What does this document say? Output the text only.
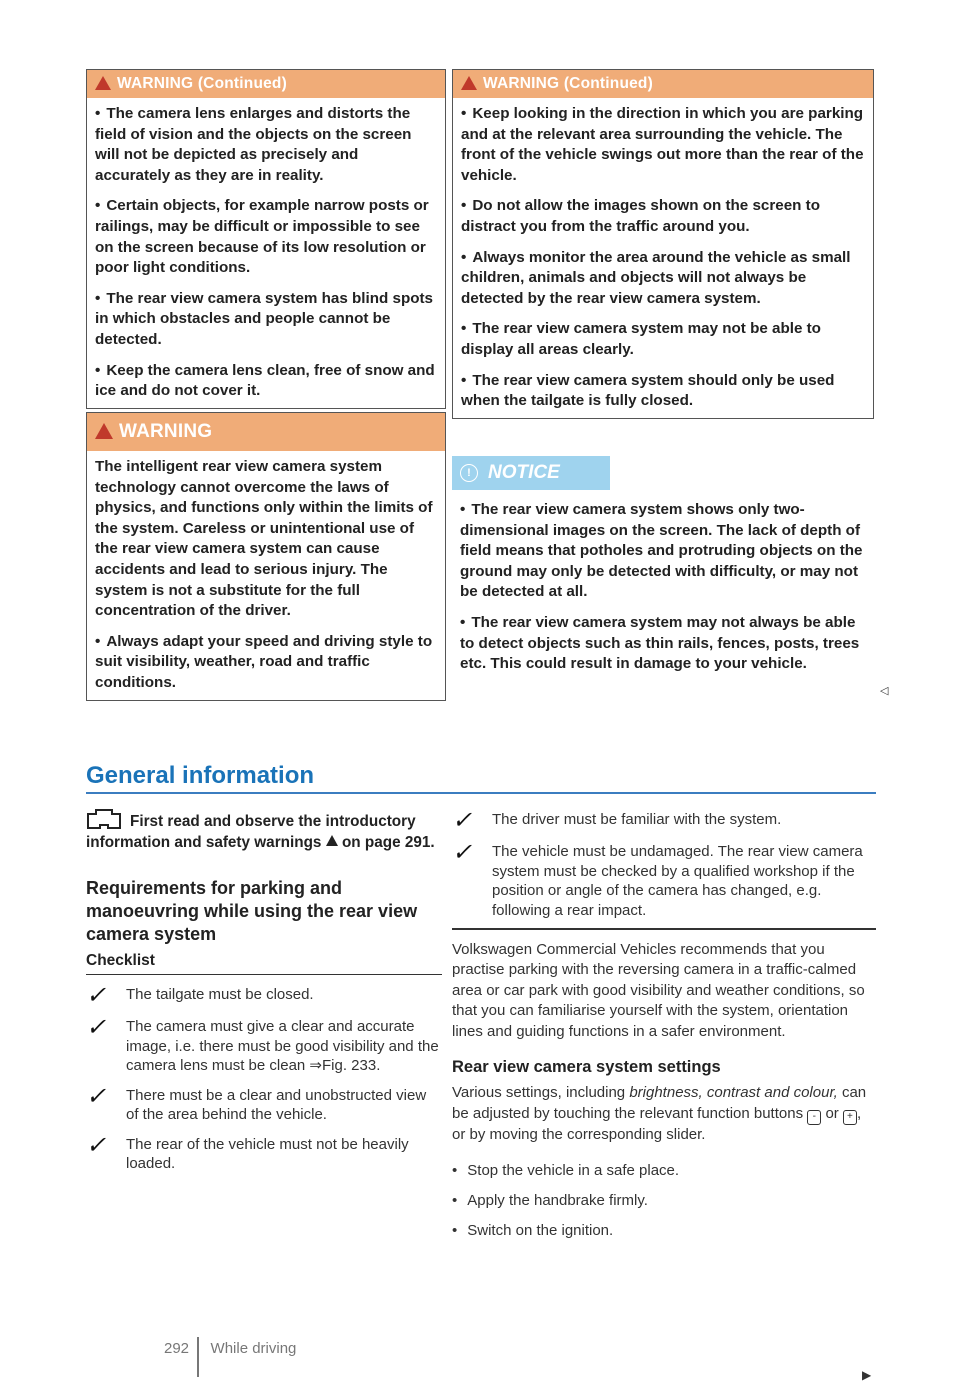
WARNING (Continued)

• The camera lens enlarges and distorts the field of vision and the objects on the screen will not be depicted as precisely and accurately as they are in reality.

• Certain objects, for example narrow posts or railings, may be difficult or impossible to see on the screen because of its low resolution or poor light conditions.

• The rear view camera system has blind spots in which obstacles and people cannot be detected.

• Keep the camera lens clean, free of snow and ice and do not cover it.

WARNING

The intelligent rear view camera system technology cannot overcome the laws of physics, and functions only within the limits of the system. Careless or unintentional use of the rear view camera system can cause accidents and lead to serious injury. The system is not a substitute for the full concentration of the driver.

• Always adapt your speed and driving style to suit visibility, weather, road and traffic conditions.

WARNING (Continued)

• Keep looking in the direction in which you are parking and at the relevant area surrounding the vehicle. The front of the vehicle swings out more than the rear of the vehicle.

• Do not allow the images shown on the screen to distract you from the traffic around you.

• Always monitor the area around the vehicle as small children, animals and objects will not always be detected by the rear view camera system.

• The rear view camera system may not be able to display all areas clearly.

• The rear view camera system should only be used when the tailgate is fully closed.

! NOTICE

• The rear view camera system shows only two-dimensional images on the screen. The lack of depth of field means that potholes and protruding objects on the ground may only be detected with difficulty, or may not be detected at all.

• The rear view camera system may not always be able to detect objects such as thin rails, fences, posts, trees etc. This could result in damage to your vehicle.

◁
General information
First read and observe the introductory information and safety warnings on page 291.
Requirements for parking and manoeuvring while using the rear view camera system
Checklist
✓	The tailgate must be closed.
✓	The camera must give a clear and accurate image, i.e. there must be good visibility and the camera lens must be clean ⇒Fig. 233.
✓	There must be a clear and unobstructed view of the area behind the vehicle.
✓	The rear of the vehicle must not be heavily loaded.
✓	The driver must be familiar with the system.
✓	The vehicle must be undamaged. The rear view camera system must be checked by a qualified workshop if the position or angle of the camera has changed, e.g. following a rear impact.
Volkswagen Commercial Vehicles recommends that you practise parking with the reversing camera in a traffic-calmed area or car park with good visibility and weather conditions, so that you can familiarise yourself with the system, orientation lines and guiding functions in a safer environment.
Rear view camera system settings
Various settings, including brightness, contrast and colour, can be adjusted by touching the relevant function buttons - or + , or by moving the corresponding slider.
• Stop the vehicle in a safe place.
• Apply the handbrake firmly.
• Switch on the ignition.
▶
292 While driving
